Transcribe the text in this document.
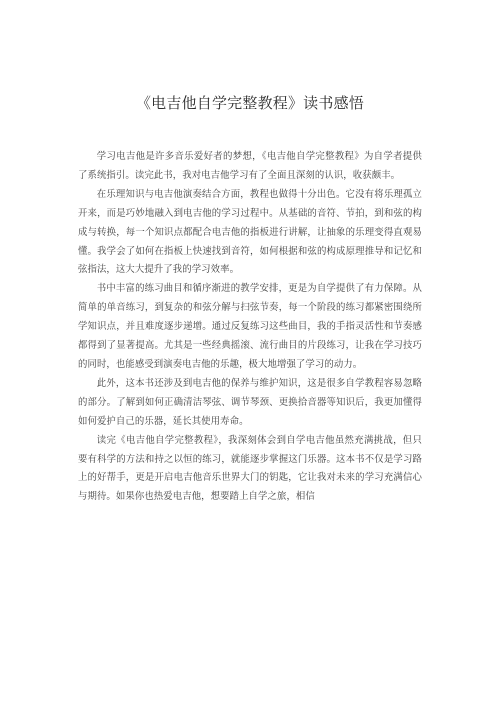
《电吉他自学完整教程》读书感悟

学习电吉他是许多音乐爱好者的梦想，《电吉他自学完整教程》为自学者提供了系统指引。读完此书，我对电吉他学习有了全面且深刻的认识，收获颇丰。

在乐理知识与电吉他演奏结合方面，教程也做得十分出色。它没有将乐理孤立开来，而是巧妙地融入到电吉他的学习过程中。从基础的音符、节拍，到和弦的构成与转换，每一个知识点都配合电吉他的指板进行讲解，让抽象的乐理变得直观易懂。我学会了如何在指板上快速找到音符，如何根据和弦的构成原理推导和记忆和弦指法，这大大提升了我的学习效率。

书中丰富的练习曲目和循序渐进的教学安排，更是为自学提供了有力保障。从简单的单音练习，到复杂的和弦分解与扫弦节奏，每一个阶段的练习都紧密围绕所学知识点，并且难度逐步递增。通过反复练习这些曲目，我的手指灵活性和节奏感都得到了显著提高。尤其是一些经典摇滚、流行曲目的片段练习，让我在学习技巧的同时，也能感受到演奏电吉他的乐趣，极大地增强了学习的动力。

此外，这本书还涉及到电吉他的保养与维护知识，这是很多自学教程容易忽略的部分。了解到如何正确清洁琴弦、调节琴颈、更换拾音器等知识后，我更加懂得如何爱护自己的乐器，延长其使用寿命。

读完《电吉他自学完整教程》，我深刻体会到自学电吉他虽然充满挑战，但只要有科学的方法和持之以恒的练习，就能逐步掌握这门乐器。这本书不仅是学习路上的好帮手，更是开启电吉他音乐世界大门的钥匙，它让我对未来的学习充满信心与期待。如果你也热爱电吉他，想要踏上自学之旅，相信
